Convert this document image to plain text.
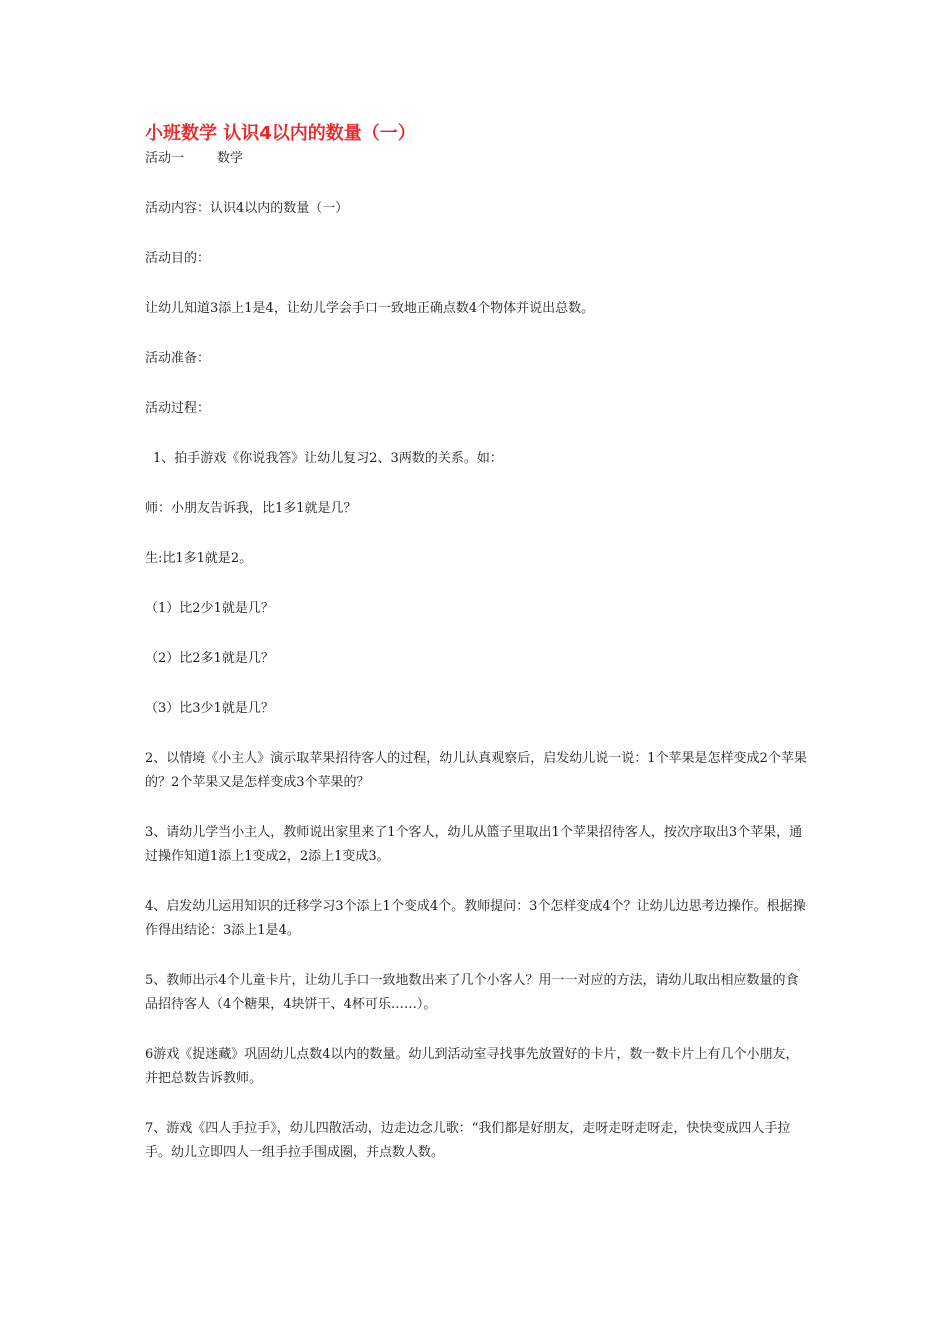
小班数学 认识4以内的数量（一）

活动一        数学

活动内容：认识4以内的数量（一）

活动目的：

让幼儿知道3添上1是4，让幼儿学会手口一致地正确点数4个物体并说出总数。

活动准备：

活动过程：

1、拍手游戏《你说我答》让幼儿复习2、3两数的关系。如：

师：小朋友告诉我，比1多1就是几？

生:比1多1就是2。

（1）比2少1就是几？

（2）比2多1就是几？

（3）比3少1就是几？

2、以情境《小主人》演示取苹果招待客人的过程，幼儿认真观察后，启发幼儿说一说：1个苹果是怎样变成2个苹果的？2个苹果又是怎样变成3个苹果的？

3、请幼儿学当小主人，教师说出家里来了1个客人，幼儿从篮子里取出1个苹果招待客人，按次序取出3个苹果，通过操作知道1添上1变成2，2添上1变成3。

4、启发幼儿运用知识的迁移学习3个添上1个变成4个。教师提问：3个怎样变成4个？让幼儿边思考边操作。根据操作得出结论：3添上1是4。

5、教师出示4个儿童卡片，让幼儿手口一致地数出来了几个小客人？用一一对应的方法，请幼儿取出相应数量的食品招待客人（4个糖果，4块饼干、4杯可乐……）。

6游戏《捉迷藏》巩固幼儿点数4以内的数量。幼儿到活动室寻找事先放置好的卡片，数一数卡片上有几个小朋友，并把总数告诉教师。

7、游戏《四人手拉手》，幼儿四散活动，边走边念儿歌：“我们都是好朋友，走呀走呀走呀走，快快变成四人手拉手。幼儿立即四人一组手拉手围成圈，并点数人数。
